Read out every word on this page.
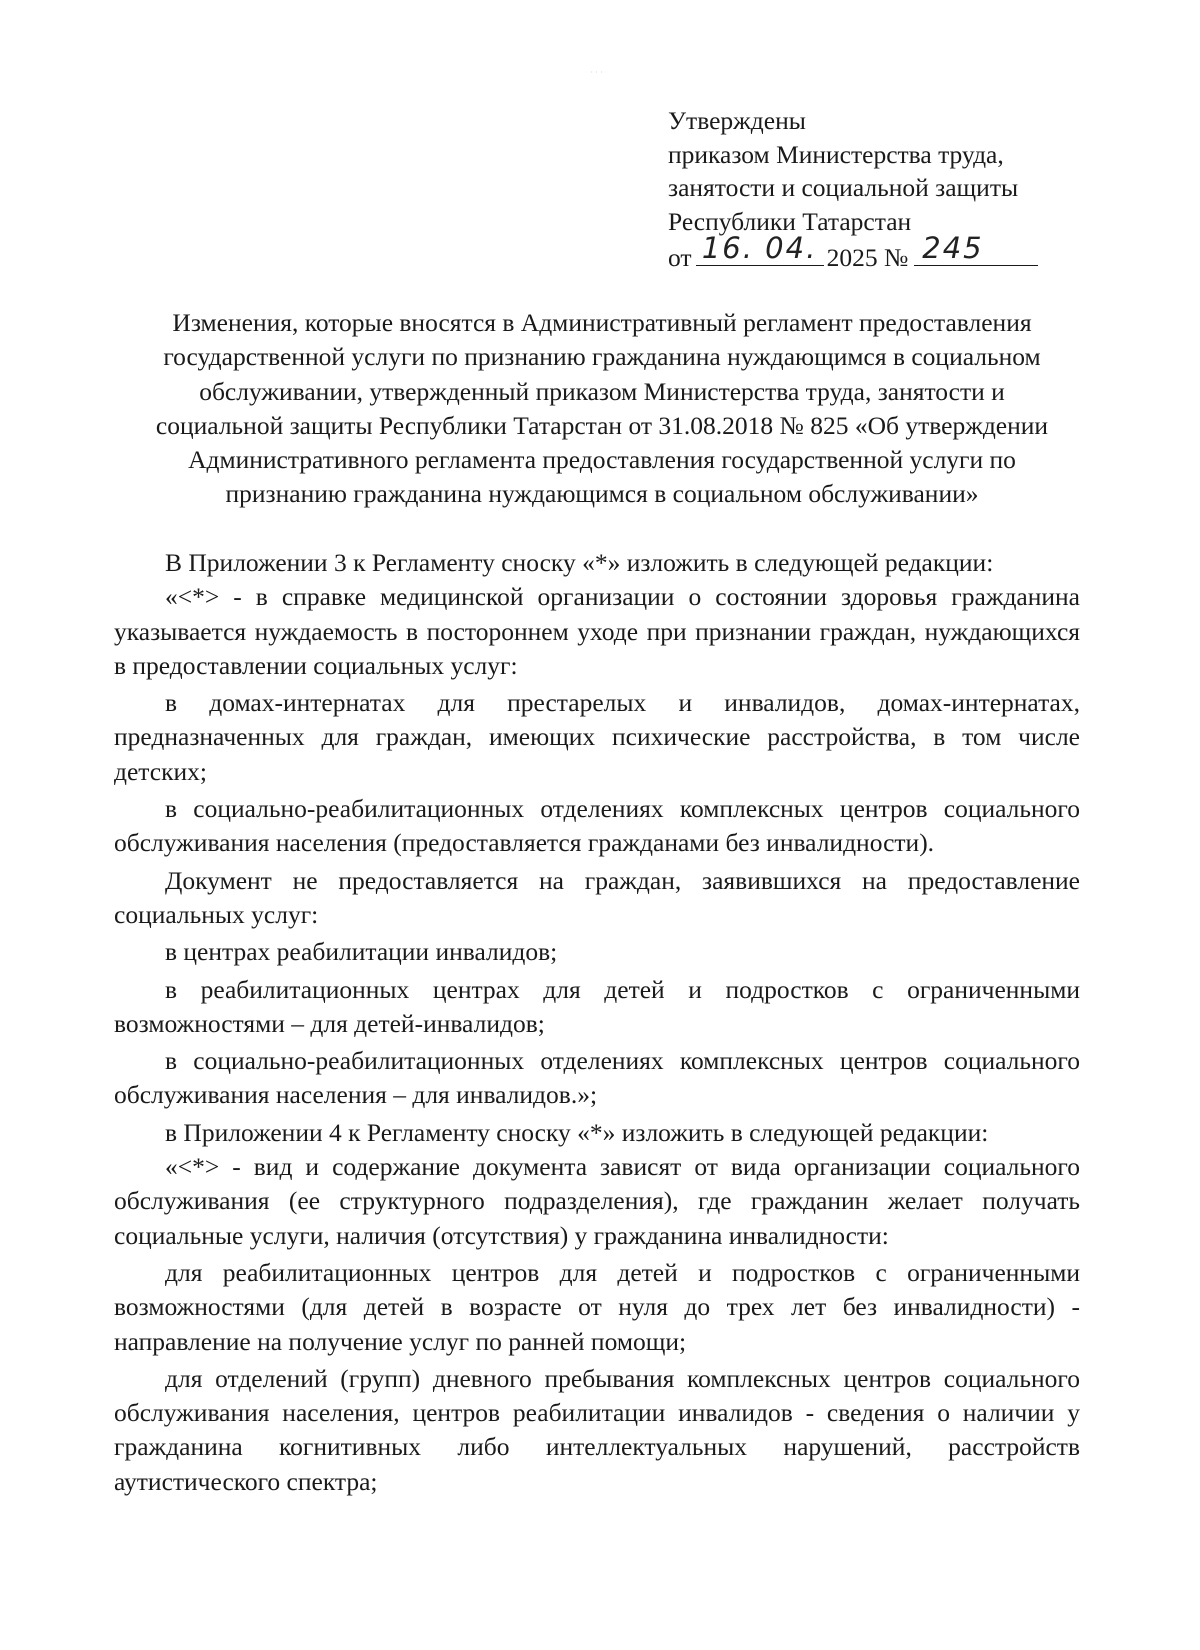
· · ·
Утверждены
приказом Министерства труда,
занятости и социальной защиты
Республики Татарстан
от 16. 04. 2025 № 245
Изменения, которые вносятся в Административный регламент предоставления
государственной услуги по признанию гражданина нуждающимся в социальном
обслуживании, утвержденный приказом Министерства труда, занятости и
социальной защиты Республики Татарстан от 31.08.2018 № 825 «Об утверждении
Административного регламента предоставления государственной услуги по
признанию гражданина нуждающимся в социальном обслуживании»

В Приложении 3 к Регламенту сноску «*» изложить в следующей редакции:

«<*> - в справке медицинской организации о состоянии здоровья гражданина указывается нуждаемость в постороннем уходе при признании граждан, нуждающихся в предоставлении социальных услуг:

в домах-интернатах для престарелых и инвалидов, домах-интернатах, предназначенных для граждан, имеющих психические расстройства, в том числе детских;

в социально-реабилитационных отделениях комплексных центров социального обслуживания населения (предоставляется гражданами без инвалидности).

Документ не предоставляется на граждан, заявившихся на предоставление социальных услуг:

в центрах реабилитации инвалидов;

в реабилитационных центрах для детей и подростков с ограниченными возможностями – для детей-инвалидов;

в социально-реабилитационных отделениях комплексных центров социального обслуживания населения – для инвалидов.»;

в Приложении 4 к Регламенту сноску «*» изложить в следующей редакции:

«<*> - вид и содержание документа зависят от вида организации социального обслуживания (ее структурного подразделения), где гражданин желает получать социальные услуги, наличия (отсутствия) у гражданина инвалидности:

для реабилитационных центров для детей и подростков с ограниченными возможностями (для детей в возрасте от нуля до трех лет без инвалидности) - направление на получение услуг по ранней помощи;

для отделений (групп) дневного пребывания комплексных центров социального обслуживания населения, центров реабилитации инвалидов - сведения о наличии у гражданина когнитивных либо интеллектуальных нарушений, расстройств аутистического спектра;
